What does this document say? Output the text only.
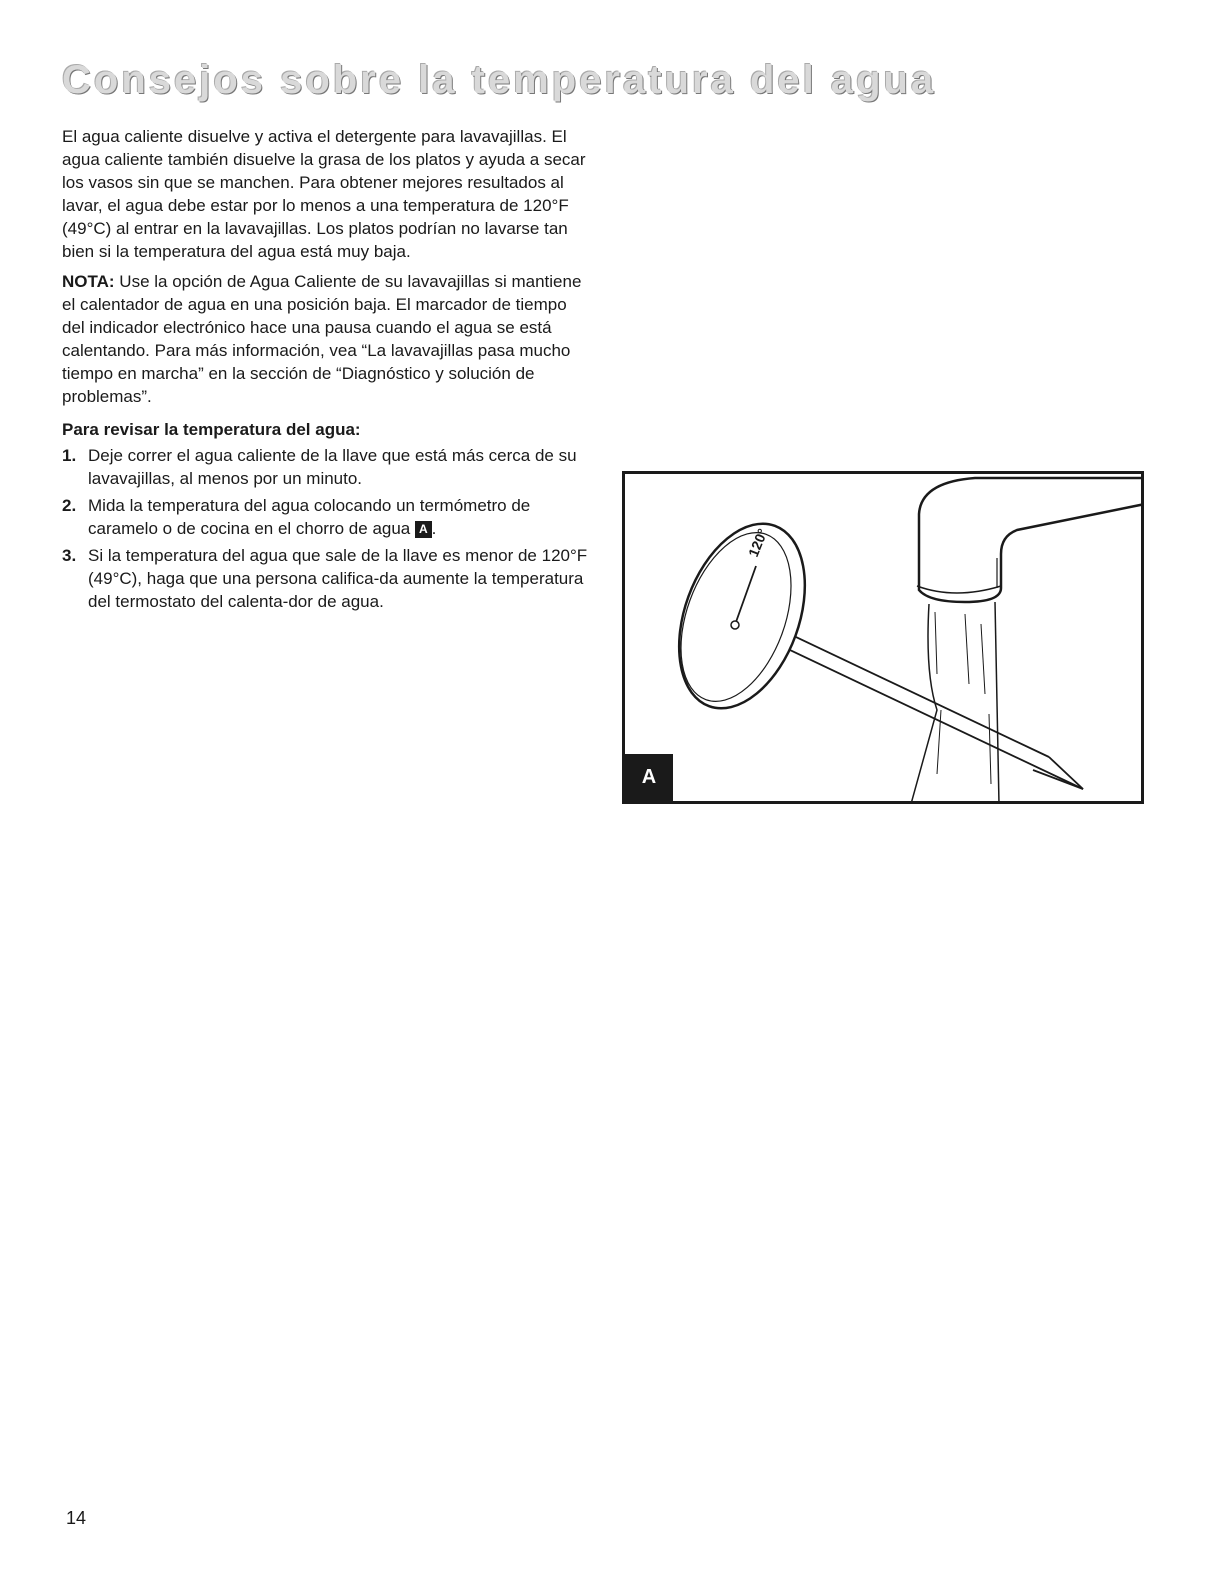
Consejos sobre la temperatura del agua

El agua caliente disuelve y activa el detergente para lavavajillas. El agua caliente también disuelve la grasa de los platos y ayuda a secar los vasos sin que se manchen. Para obtener mejores resultados al lavar, el agua debe estar por lo menos a una temperatura de 120°F (49°C) al entrar en la lavavajillas. Los platos podrían no lavarse tan bien si la temperatura del agua está muy baja.

NOTA: Use la opción de Agua Caliente de su lavavajillas si mantiene el calentador de agua en una posición baja. El marcador de tiempo del indicador electrónico hace una pausa cuando el agua se está calentando. Para más información, vea “La lavavajillas pasa mucho tiempo en marcha” en la sección de “Diagnóstico y solución de problemas”.

Para revisar la temperatura del agua:
1. Deje correr el agua caliente de la llave que está más cerca de su lavavajillas, al menos por un minuto.
2. Mida la temperatura del agua colocando un termómetro de caramelo o de cocina en el chorro de agua A .
3. Si la temperatura del agua que sale de la llave es menor de 120°F (49°C), haga que una persona califica-da aumente la temperatura del termostato del calenta-dor de agua.
120°
A
14
